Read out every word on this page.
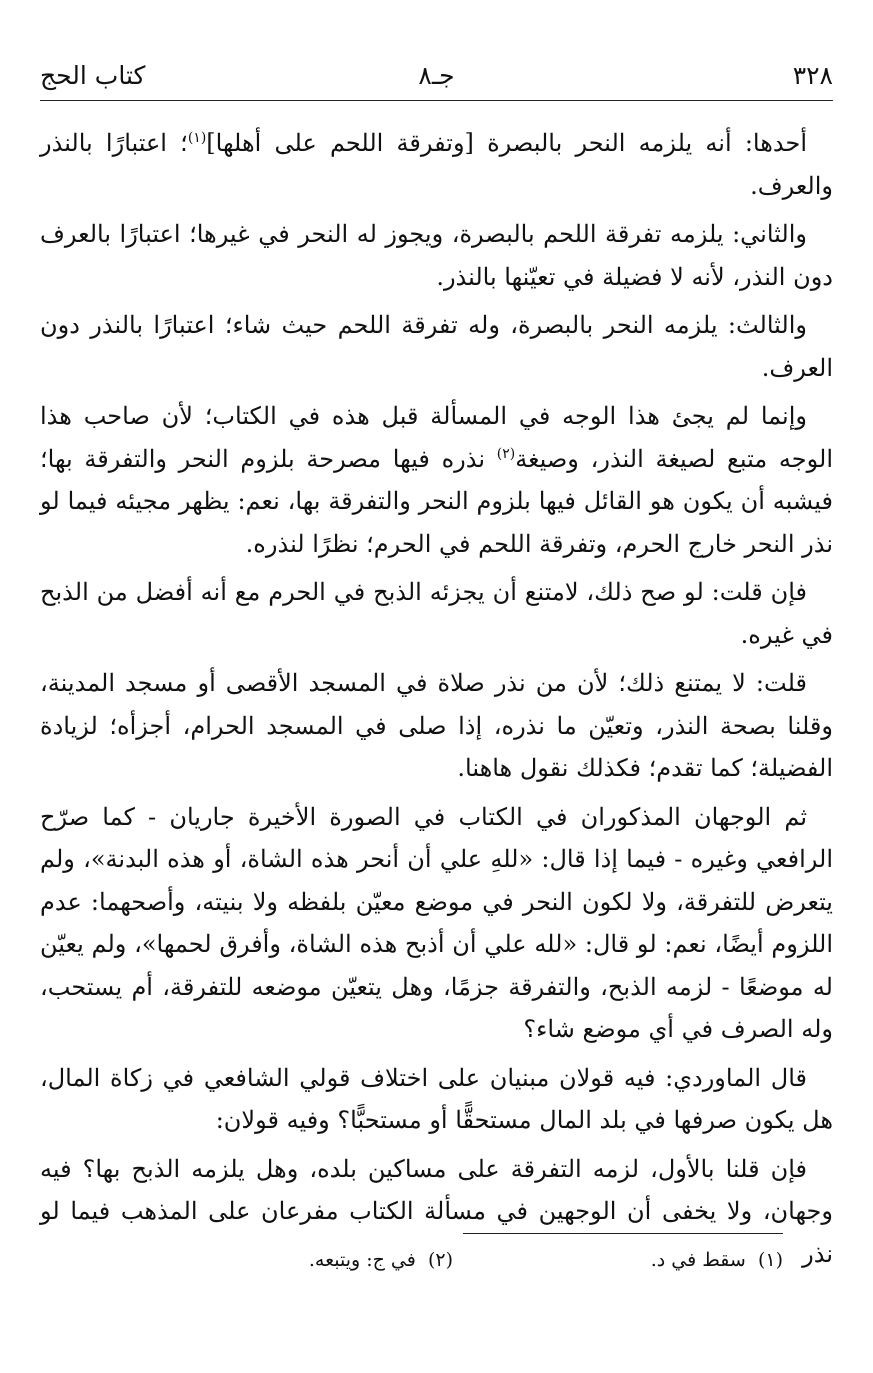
٣٢٨
جـ٨
كتاب الحج

أحدها: أنه يلزمه النحر بالبصرة [وتفرقة اللحم على أهلها]$^{(١)}$؛ اعتبارًا بالنذر والعرف.

والثاني: يلزمه تفرقة اللحم بالبصرة، ويجوز له النحر في غيرها؛ اعتبارًا بالعرف دون النذر، لأنه لا فضيلة في تعيّنها بالنذر.

والثالث: يلزمه النحر بالبصرة، وله تفرقة اللحم حيث شاء؛ اعتبارًا بالنذر دون العرف.

وإنما لم يجئ هذا الوجه في المسألة قبل هذه في الكتاب؛ لأن صاحب هذا الوجه متبع لصيغة النذر، وصيغة$^{(٢)}$ نذره فيها مصرحة بلزوم النحر والتفرقة بها؛ فيشبه أن يكون هو القائل فيها بلزوم النحر والتفرقة بها، نعم: يظهر مجيئه فيما لو نذر النحر خارج الحرم، وتفرقة اللحم في الحرم؛ نظرًا لنذره.

فإن قلت: لو صح ذلك، لامتنع أن يجزئه الذبح في الحرم مع أنه أفضل من الذبح في غيره.

قلت: لا يمتنع ذلك؛ لأن من نذر صلاة في المسجد الأقصى أو مسجد المدينة، وقلنا بصحة النذر، وتعيّن ما نذره، إذا صلى في المسجد الحرام، أجزأه؛ لزيادة الفضيلة؛ كما تقدم؛ فكذلك نقول هاهنا.

ثم الوجهان المذكوران في الكتاب في الصورة الأخيرة جاريان - كما صرّح الرافعي وغيره - فيما إذا قال: «للهِ علي أن أنحر هذه الشاة، أو هذه البدنة»، ولم يتعرض للتفرقة، ولا لكون النحر في موضع معيّن بلفظه ولا بنيته، وأصحهما: عدم اللزوم أيضًا، نعم: لو قال: «لله علي أن أذبح هذه الشاة، وأفرق لحمها»، ولم يعيّن له موضعًا - لزمه الذبح، والتفرقة جزمًا، وهل يتعيّن موضعه للتفرقة، أم يستحب، وله الصرف في أي موضع شاء؟

قال الماوردي: فيه قولان مبنيان على اختلاف قولي الشافعي في زكاة المال، هل يكون صرفها في بلد المال مستحقًّا أو مستحبًّا؟ وفيه قولان:

فإن قلنا بالأول، لزمه التفرقة على مساكين بلده، وهل يلزمه الذبح بها؟ فيه وجهان، ولا يخفى أن الوجهين في مسألة الكتاب مفرعان على المذهب فيما لو نذر

(١)  سقط في د.
(٢)  في ج: ويتبعه.
